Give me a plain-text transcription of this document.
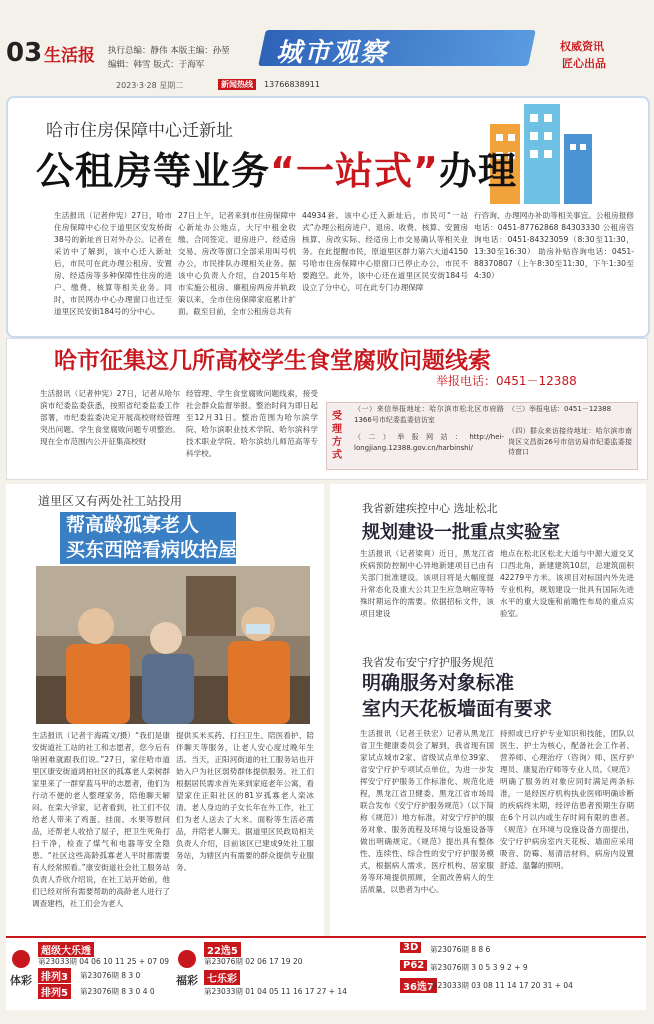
03 生活报 执行总编：静伟 本版主编：孙堃
编辑：韩雪 版式：于海军	城市观察	权威资讯
匠心出品
2023·3·28 星期二	新闻热线	13766838911
哈市住房保障中心迁新址
公租房等业务“一站式”办理
生活报讯（记者仲宪）27日，哈市住房保障中心位于道里区安发桥街38号的新址首日对外办公。记者在采访中了解到，该中心迁入新址后，市民可在此办理公租房、安置房、经适房等多种保障性住房的进户、缴费、核算等相关业务。同时，市民网办中心办理窗口也迁至道里区民安街184号的分中心。
27日上午，记者来到市住房保障中心新址办公地点，大厅中租金收缴、合同签定、退房进户、经适房交易、房改等窗口全部采用叫号机办公，市民排队办理相关业务。据该中心负责人介绍，自2015年哈市实施公租房、廉租房两房并轨政策以来，全市住房保障家庭累计扩面。截至目前，全市公租房总共有
44934套。该中心迁入新址后，市民可“一站式”办理公租房进户、退房、收费、核算、安置房核算、房改实际、经适房上市交易确认等相关业务。在此提醒市民，原道里区群力第六大道4150号哈市住房保障中心原窗口已停止办公，市民不要跑空。此外，该中心还在道里区民安街184号设立了分中心，可在此专门办理保障
行咨询、办理网办补助等相关事宜。公租房报修电话：0451-87762868 84303330 公租房咨询电话：0451-84323059（8:30至11:30，13:30至16:30） 助房补贴咨询电话：0451-88370807（上午8:30至11:30，下午1:30至4:30）
哈市征集这几所高校学生食堂腐败问题线索
举报电话：0451－12388
生活报讯（记者仲宪）27日，记者从哈尔滨市纪委监委获悉，按照省纪委监委工作部署，市纪委监委决定开展高校财经管理突出问题、学生食堂腐败问题专项整治。现在全市范围内公开征集高校财
经管理、学生食堂腐败问题线索，接受社会群众监督举报。整治时间为即日起至12月31日。整治范围为哈尔滨学院、哈尔滨职业技术学院、哈尔滨科学技术职业学院、哈尔滨幼儿师范高等专科学校。
受理方式
（一）来信举报地址：哈尔滨市松北区市府路1366号市纪委监委信访室
（二）举报网站：http://hei-longjiang.12388.gov.cn/harbinshi/
（三）举报电话：0451－12388
（四）群众来访接待地址：哈尔滨市南岗区文昌街26号市信访局市纪委监委接待窗口
道里区又有两处社工站投用
帮高龄孤寡老人
买东西陪看病收拾屋
生活报讯（记者于海霞文/摄）“我们是康安街道社工站的社工和志愿者，您今后有啥困难就跟我们说。”27日，家住哈市道里区康安街道鸿柏社区的孤寡老人栾树群家里来了一群穿蓝马甲的志愿者，他们为行动不便的老人整理家务，陪他聊天解闷。在栾大爷家，记者看到，社工们不仅给老人带来了鸡蛋、挂面、水果等慰问品，还帮老人收拾了屋子，把卫生死角打扫干净，检查了煤气和电器等安全隐患。“社区这些高龄孤寡老人平时都需要有人经常照看。”康安街道社会社工服务站负责人乔欣介绍说，在社工站开始前，他们已经对所有需要帮助的高龄老人进行了调查建档，社工们会为老人
提供买米买药、打扫卫生、陪医看护、陪伴聊天等服务，让老人安心度过晚年生活。当天，正阳河街道的社工服务站也开始入户为社区弱势群体提供服务。社工们根据居民需求首先来到家庭老年公寓，看望家住正阳社区的81岁孤寡老人栾冰清。老人身边的子女长年在外工作，社工们为老人送去了大米、面粉等生活必需品，并陪老人聊天。据道里区民政局相关负责人介绍，目前该区已建成9处社工服务站，为辖区内有需要的群众提供专业服务。
我省新建疾控中心 选址松北
规划建设一批重点实验室
生活报讯（记者梁爽）近日，黑龙江省疾病预防控制中心异地新建项目已由有关部门批准建设。该项目将是大幅度提升常态化及重大公共卫生应急响应等特殊时期运作的需要。依据招标文件，该项目建设
地点在松北区松北大道与中源大道交叉口西北角，新建建筑10层，总建筑面积42279平方米。该项目对标国内外先进专业机构，规划建设一批具有国际先进水平的重大设施和前瞻性布局的重点实验室。
我省发布安宁疗护服务规范
明确服务对象标准
室内天花板墙面有要求
生活报讯（记者王铁宏）记者从黑龙江省卫生健康委员会了解到，我省现有国家试点城市2家、省级试点单位39家、省安宁疗护专项试点单位，为进一步发挥安宁疗护服务工作标准化、规范化进程，黑龙江省卫健委、黑龙江省市场局联合发布《安宁疗护服务规范》（以下简称《规范》）地方标准，对安宁疗护的服务对象、服务流程及环境与设施设备等做出明确规定。《规范》提出具有整体性、连续性、综合性的安宁疗护服务模式，根据病人需求、医疗机构、居家服务等环境提供照顾，全面改善病人的生活质量，以患者为中心。
持照或已疗护专业知识和技能，团队以医生、护士为核心，配备社会工作者、营养师、心理治疗（咨询）师、医疗护理员、康复治疗师等专业人员。《规范》明确了服务的对象应同时满足两条标准，一是经医疗机构执业医师明确诊断的疾病终末期，经评估患者预期生存期在6个月以内或生存时间有限的患者。《规范》在环境与设施设备方面提出，安宁疗护病房室内天花板、墙面应采用吸音、防霉、易清洁材料，病房内设置舒适、温馨的照明。
体彩	福彩
超级大乐透
第23033期 04 06 10 11 25 + 07 09
排列3	第23076期 8 3 0
排列5	第23076期 8 3 0 4 0
22选5
第23076期 02 06 17 19 20
七乐彩
第23033期 01 04 05 11 16 17 27 + 14
3D	第23076期 8 8 6
P62 第23076期 3 0 5 3 9 2 + 9
36选7
第23033期 03 08 11 14 17 20 31 + 04
